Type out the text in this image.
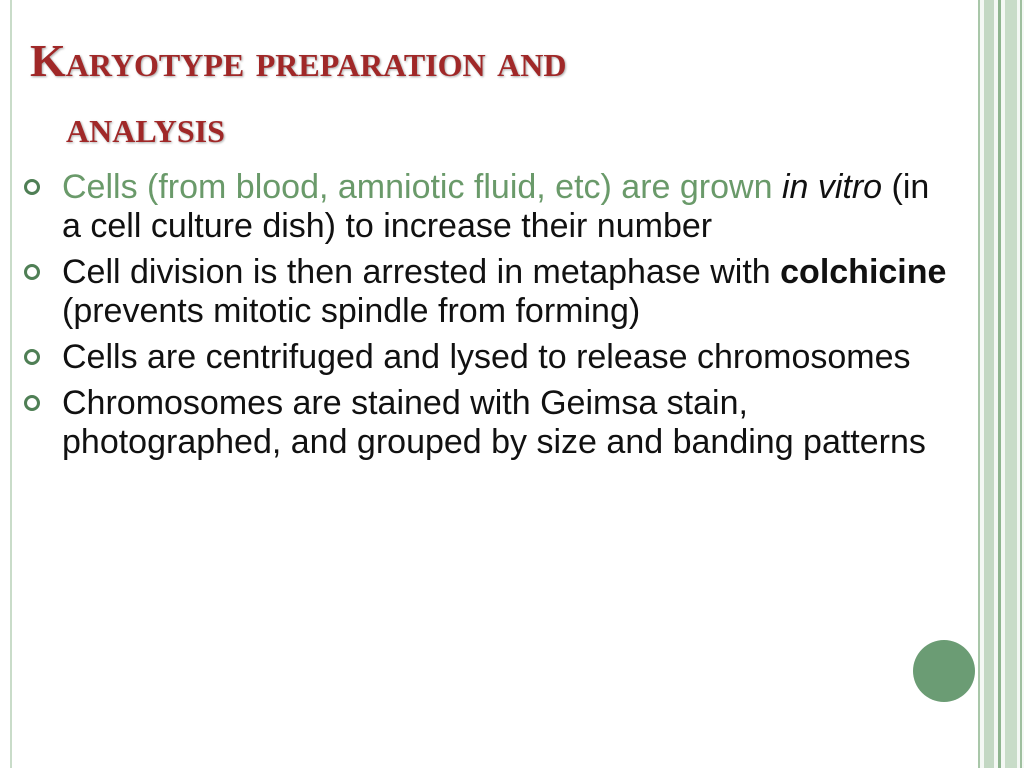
Karyotype preparation and
analysis
Cells (from blood, amniotic fluid, etc) are grown in vitro (in a cell culture dish) to increase their number
Cell division is then arrested in metaphase with colchicine (prevents mitotic spindle from forming)
Cells are centrifuged and lysed to release chromosomes
Chromosomes are stained with Geimsa stain, photographed, and grouped by size and banding patterns
